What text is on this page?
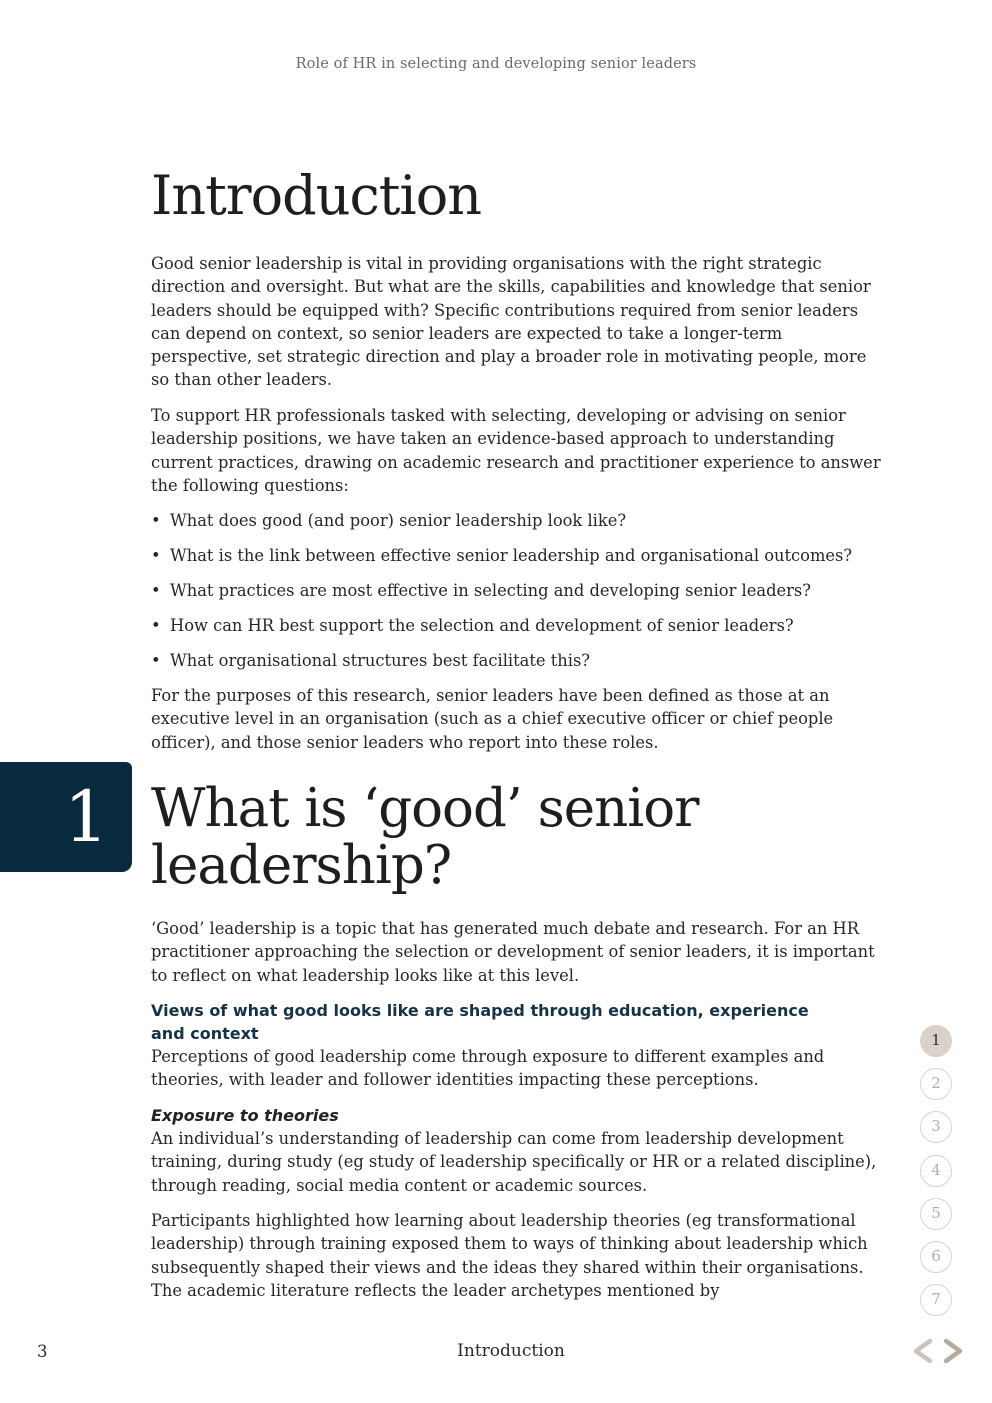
Role of HR in selecting and developing senior leaders
Introduction

Good senior leadership is vital in providing organisations with the right strategic direction and oversight. But what are the skills, capabilities and knowledge that senior leaders should be equipped with? Specific contributions required from senior leaders can depend on context, so senior leaders are expected to take a longer-term perspective, set strategic direction and play a broader role in motivating people, more so than other leaders.

To support HR professionals tasked with selecting, developing or advising on senior leadership positions, we have taken an evidence-based approach to understanding current practices, drawing on academic research and practitioner experience to answer the following questions:

• What does good (and poor) senior leadership look like?
• What is the link between effective senior leadership and organisational outcomes?
• What practices are most effective in selecting and developing senior leaders?
• How can HR best support the selection and development of senior leaders?
• What organisational structures best facilitate this?

For the purposes of this research, senior leaders have been defined as those at an executive level in an organisation (such as a chief executive officer or chief people officer), and those senior leaders who report into these roles.

1 What is ‘good’ senior leadership?

‘Good’ leadership is a topic that has generated much debate and research. For an HR practitioner approaching the selection or development of senior leaders, it is important to reflect on what leadership looks like at this level.

Views of what good looks like are shaped through education, experience and context

Perceptions of good leadership come through exposure to different examples and theories, with leader and follower identities impacting these perceptions.

Exposure to theories

An individual’s understanding of leadership can come from leadership development training, during study (eg study of leadership specifically or HR or a related discipline), through reading, social media content or academic sources.

Participants highlighted how learning about leadership theories (eg transformational leadership) through training exposed them to ways of thinking about leadership which subsequently shaped their views and the ideas they shared within their organisations. The academic literature reflects the leader archetypes mentioned by

1
2
3
4
5
6
7
3	Introduction
